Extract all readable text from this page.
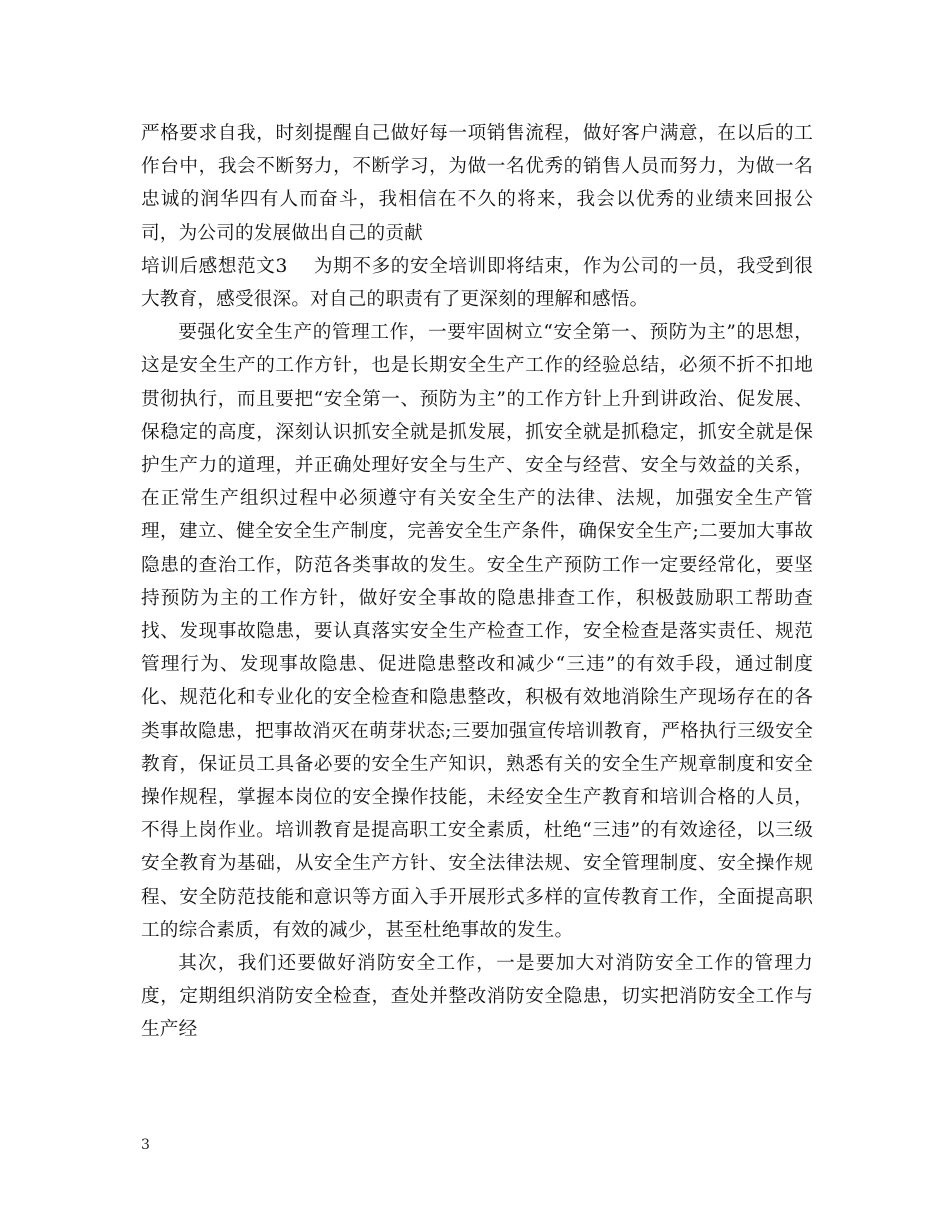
严格要求自我，时刻提醒自己做好每一项销售流程，做好客户满意，在以后的工作台中，我会不断努力，不断学习，为做一名优秀的销售人员而努力，为做一名忠诚的润华四有人而奋斗，我相信在不久的将来，我会以优秀的业绩来回报公司，为公司的发展做出自己的贡献

培训后感想范文3 为期不多的安全培训即将结束，作为公司的一员，我受到很大教育，感受很深。对自己的职责有了更深刻的理解和感悟。

要强化安全生产的管理工作，一要牢固树立“安全第一、预防为主”的思想，这是安全生产的工作方针，也是长期安全生产工作的经验总结，必须不折不扣地贯彻执行，而且要把“安全第一、预防为主”的工作方针上升到讲政治、促发展、保稳定的高度，深刻认识抓安全就是抓发展，抓安全就是抓稳定，抓安全就是保护生产力的道理，并正确处理好安全与生产、安全与经营、安全与效益的关系，在正常生产组织过程中必须遵守有关安全生产的法律、法规，加强安全生产管理，建立、健全安全生产制度，完善安全生产条件，确保安全生产;二要加大事故隐患的查治工作，防范各类事故的发生。安全生产预防工作一定要经常化，要坚持预防为主的工作方针，做好安全事故的隐患排查工作，积极鼓励职工帮助查找、发现事故隐患，要认真落实安全生产检查工作，安全检查是落实责任、规范管理行为、发现事故隐患、促进隐患整改和减少“三违”的有效手段，通过制度化、规范化和专业化的安全检查和隐患整改，积极有效地消除生产现场存在的各类事故隐患，把事故消灭在萌芽状态;三要加强宣传培训教育，严格执行三级安全教育，保证员工具备必要的安全生产知识，熟悉有关的安全生产规章制度和安全操作规程，掌握本岗位的安全操作技能，未经安全生产教育和培训合格的人员，不得上岗作业。培训教育是提高职工安全素质，杜绝“三违”的有效途径，以三级安全教育为基础，从安全生产方针、安全法律法规、安全管理制度、安全操作规程、安全防范技能和意识等方面入手开展形式多样的宣传教育工作，全面提高职工的综合素质，有效的减少，甚至杜绝事故的发生。

其次，我们还要做好消防安全工作，一是要加大对消防安全工作的管理力度，定期组织消防安全检查，查处并整改消防安全隐患，切实把消防安全工作与生产经

3
